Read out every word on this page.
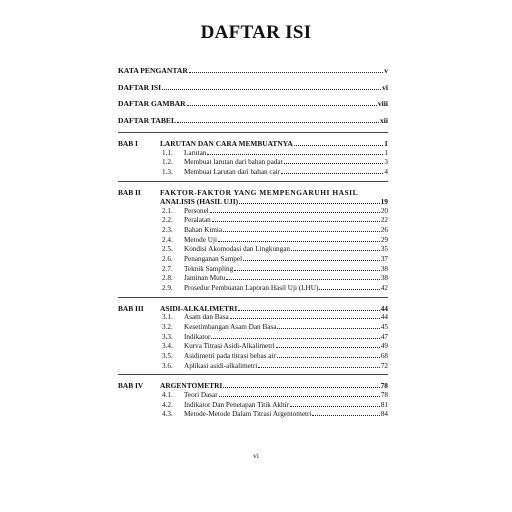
DAFTAR ISI
KATA PENGANTAR	v
DAFTAR ISI	vi
DAFTAR GAMBAR	viii
DAFTAR TABEL	xii
BAB I	LARUTAN DAN CARA MEMBUATNYA	1
1.1.	Larutan	1
1.2.	Membuat larutan dari bahan padat	3
1.3.	Membuat Larutan dari bahan cair	4
BAB II	FAKTOR-FAKTOR YANG MEMPENGARUHI HASIL
ANALISIS (HASIL UJI)	19
2.1.	Personel	20
2.2.	Peralatan	22
2.3.	Bahan Kimia	26
2.4.	Metode Uji	29
2.5.	Kondisi Akomodasi dan Lingkungan	35
2.6.	Penanganan Sampel	37
2.7.	Teknik Sampling	38
2.8.	Jaminan Mutu	38
2.9.	Prosedur Pembuatan Laporan Hasil Uji (LHU)	42
BAB III	ASIDI-ALKALIMETRI	44
3.1.	Asam dan Basa	44
3.2.	Kesetimbangan Asam Dan Basa	45
3.3.	Indikator	47
3.4.	Kurva Titrasi Asidi-Alkalimetri	49
3.5.	Asidimetri pada titrasi bebas air	68
3.6.	Aplikasi asidi-alkalimetri	72
BAB IV	ARGENTOMETRI	78
4.1.	Teori Dasar	78
4.2.	Indikator Dan Penetapan Titik Akhir	81
4.3.	Metode-Metode Dalam Titrasi Argentometri	84
vi
